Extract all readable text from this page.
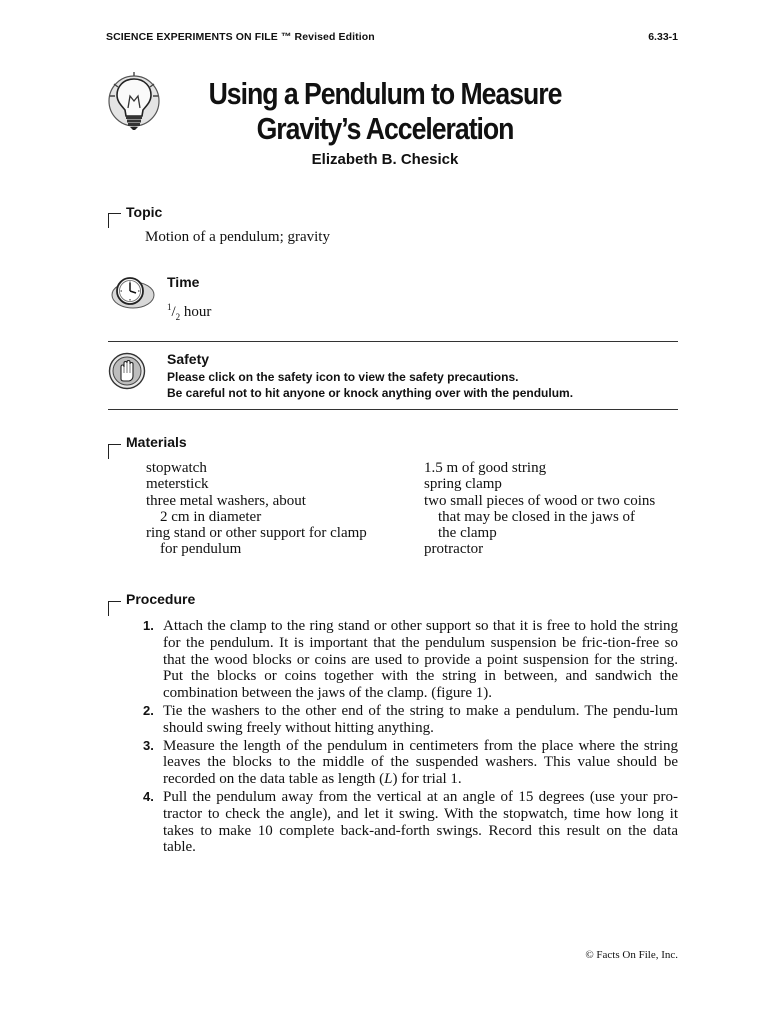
SCIENCE EXPERIMENTS ON FILE ™ Revised Edition	6.33-1
Using a Pendulum to Measure
Gravity’s Acceleration
Elizabeth B. Chesick
Topic
Motion of a pendulum; gravity
Time
$^1/_2$ hour
Safety
Please click on the safety icon to view the safety precautions.
Be careful not to hit anyone or knock anything over with the pendulum.
Materials
stopwatch
meterstick
three metal washers, about
2 cm in diameter
ring stand or other support for clamp
for pendulum
1.5 m of good string
spring clamp
two small pieces of wood or two coins
that may be closed in the jaws of
the clamp
protractor
Procedure
1. Attach the clamp to the ring stand or other support so that it is free to hold the string for the pendulum. It is important that the pendulum suspension be fric-tion-free so that the wood blocks or coins are used to provide a point suspension for the string. Put the blocks or coins together with the string in between, and sandwich the combination between the jaws of the clamp. (figure 1).
2. Tie the washers to the other end of the string to make a pendulum. The pendu-lum should swing freely without hitting anything.
3. Measure the length of the pendulum in centimeters from the place where the string leaves the blocks to the middle of the suspended washers. This value should be recorded on the data table as length (L) for trial 1.
4. Pull the pendulum away from the vertical at an angle of 15 degrees (use your pro-tractor to check the angle), and let it swing. With the stopwatch, time how long it takes to make 10 complete back-and-forth swings. Record this result on the data table.
© Facts On File, Inc.
